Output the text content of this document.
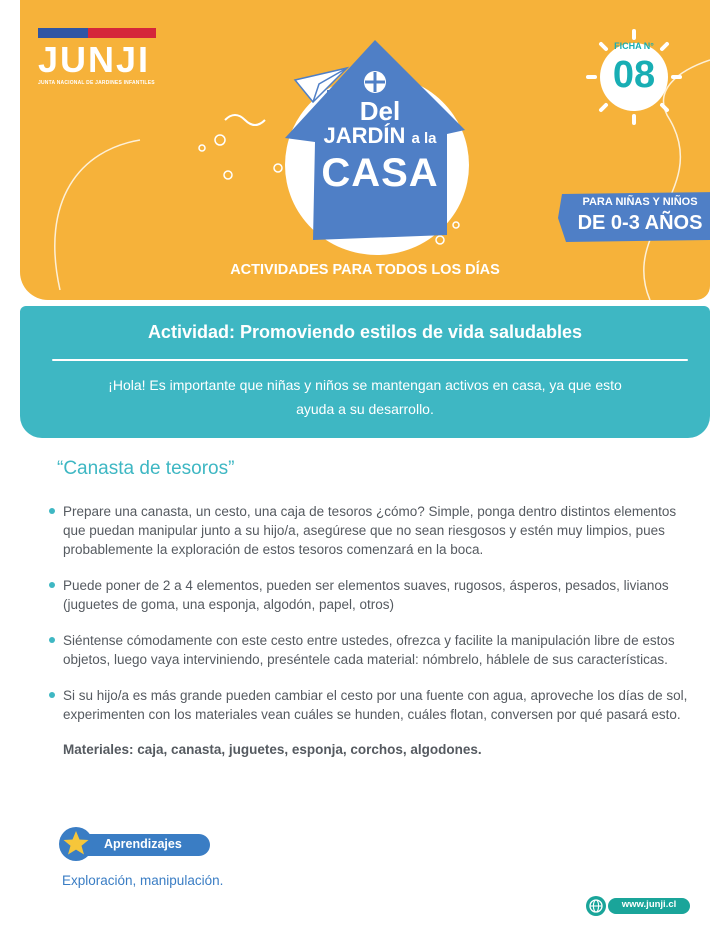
JUNJI
JUNTA NACIONAL DE JARDINES INFANTILES
Del
JARDÍN a la
CASA
FICHA N°
08
PARA NIÑAS Y NIÑOS
DE 0-3 AÑOS
ACTIVIDADES PARA TODOS LOS DÍAS
Actividad: Promoviendo estilos de vida saludables
¡Hola! Es importante que niñas y niños se mantengan activos en casa, ya que esto ayuda a su desarrollo.
“Canasta de tesoros”
Prepare una canasta, un cesto, una caja de tesoros ¿cómo? Simple, ponga dentro distintos elementos que puedan manipular junto a su hijo/a, asegúrese que no sean riesgosos y estén muy limpios, pues probablemente la exploración de estos tesoros comenzará en la boca.
Puede poner de 2 a 4 elementos, pueden ser elementos suaves, rugosos, ásperos, pesados, livianos (juguetes de goma, una esponja, algodón, papel, otros)
Siéntense cómodamente con este cesto entre ustedes, ofrezca y facilite la manipulación libre de estos objetos, luego vaya interviniendo, preséntele cada material: nómbrelo, háblele de sus características.
Si su hijo/a es más grande pueden cambiar el cesto por una fuente con agua, aproveche los días de sol, experimenten con los materiales vean cuáles se hunden, cuáles flotan, conversen por qué pasará esto.
Materiales: caja, canasta, juguetes, esponja, corchos, algodones.
Aprendizajes
Exploración, manipulación.
www.junji.cl
